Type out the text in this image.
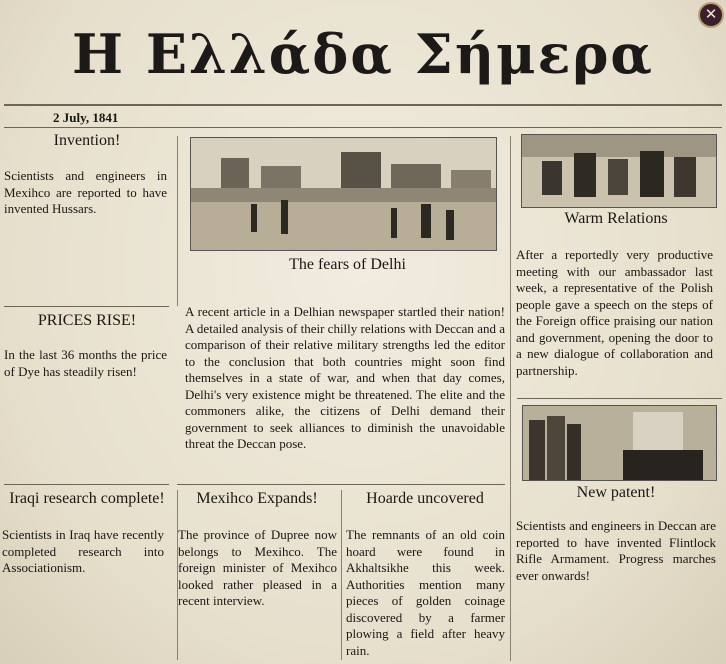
Η Ελλάδα Σήμερα
✕
2 July, 1841
Invention!
Scientists and engineers in Mexihco are reported to have invented Hussars.
PRICES RISE!
In the last 36 months the price of Dye has steadily risen!
Iraqi research complete!
Scientists in Iraq have recently completed research into Associationism.
The fears of Delhi
A recent article in a Delhian newspaper startled their nation! A detailed analysis of their chilly relations with Deccan and a comparison of their relative military strengths led the editor to the conclusion that both countries might soon find themselves in a state of war, and when that day comes, Delhi's very existence might be threatened. The elite and the commoners alike, the citizens of Delhi demand their government to seek alliances to diminish the unavoidable threat the Deccan pose.
Mexihco Expands!
The province of Dupree now belongs to Mexihco. The foreign minister of Mexihco looked rather pleased in a recent interview.
Hoarde uncovered
The remnants of an old coin hoard were found in Akhaltsikhe this week. Authorities mention many pieces of golden coinage discovered by a farmer plowing a field after heavy rain.
Warm Relations
After a reportedly very productive meeting with our ambassador last week, a representative of the Polish people gave a speech on the steps of the Foreign office praising our nation and government, opening the door to a new dialogue of collaboration and partnership.
New patent!
Scientists and engineers in Deccan are reported to have invented Flintlock Rifle Armament. Progress marches ever onwards!
